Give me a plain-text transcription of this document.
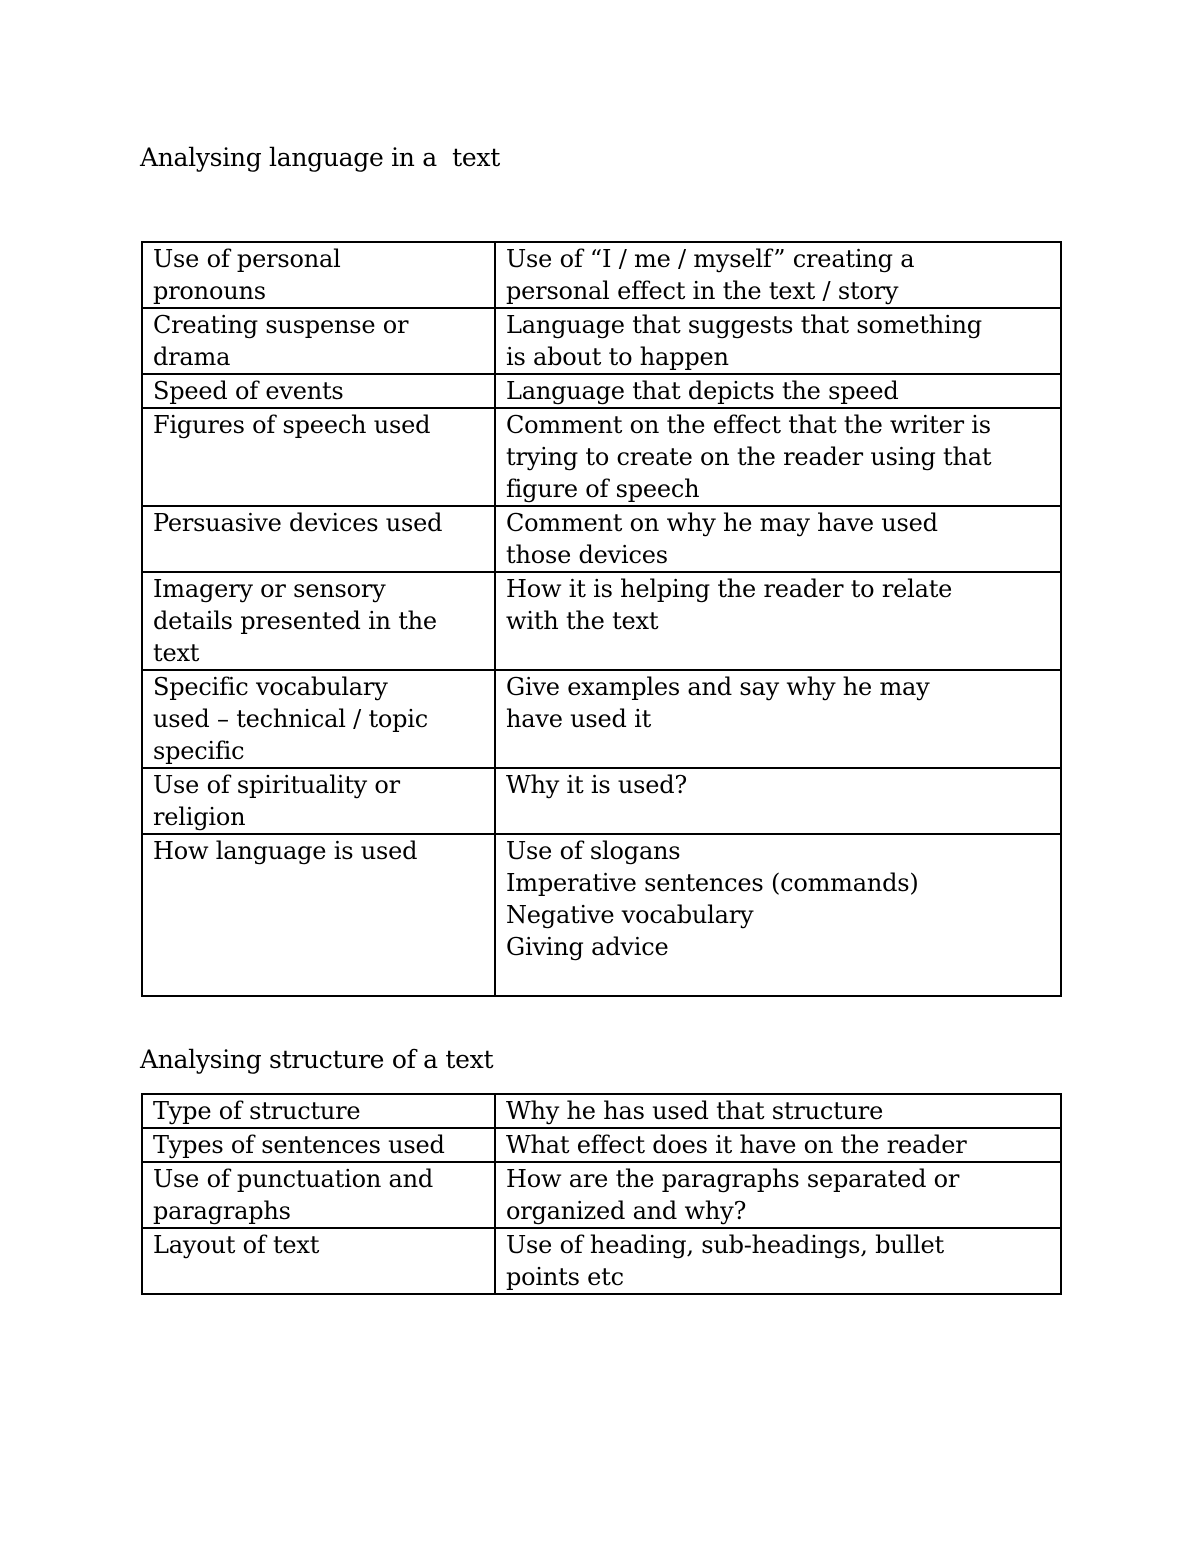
Analysing language in a  text
Use of personal
pronouns	Use of “I / me / myself” creating a
personal effect in the text / story

Creating suspense or
drama	Language that suggests that something
is about to happen

Speed of events	Language that depicts the speed

Figures of speech used	Comment on the effect that the writer is
trying to create on the reader using that
figure of speech

Persuasive devices used	Comment on why he may have used
those devices

Imagery or sensory
details presented in the
text	How it is helping the reader to relate
with the text

Specific vocabulary
used – technical / topic
specific	Give examples and say why he may
have used it

Use of spirituality or
religion	Why it is used?

How language is used	Use of slogans
Imperative sentences (commands)
Negative vocabulary
Giving advice
Analysing structure of a text
Type of structure	Why he has used that structure

Types of sentences used	What effect does it have on the reader

Use of punctuation and
paragraphs	How are the paragraphs separated or
organized and why?

Layout of text	Use of heading, sub-headings, bullet
points etc
